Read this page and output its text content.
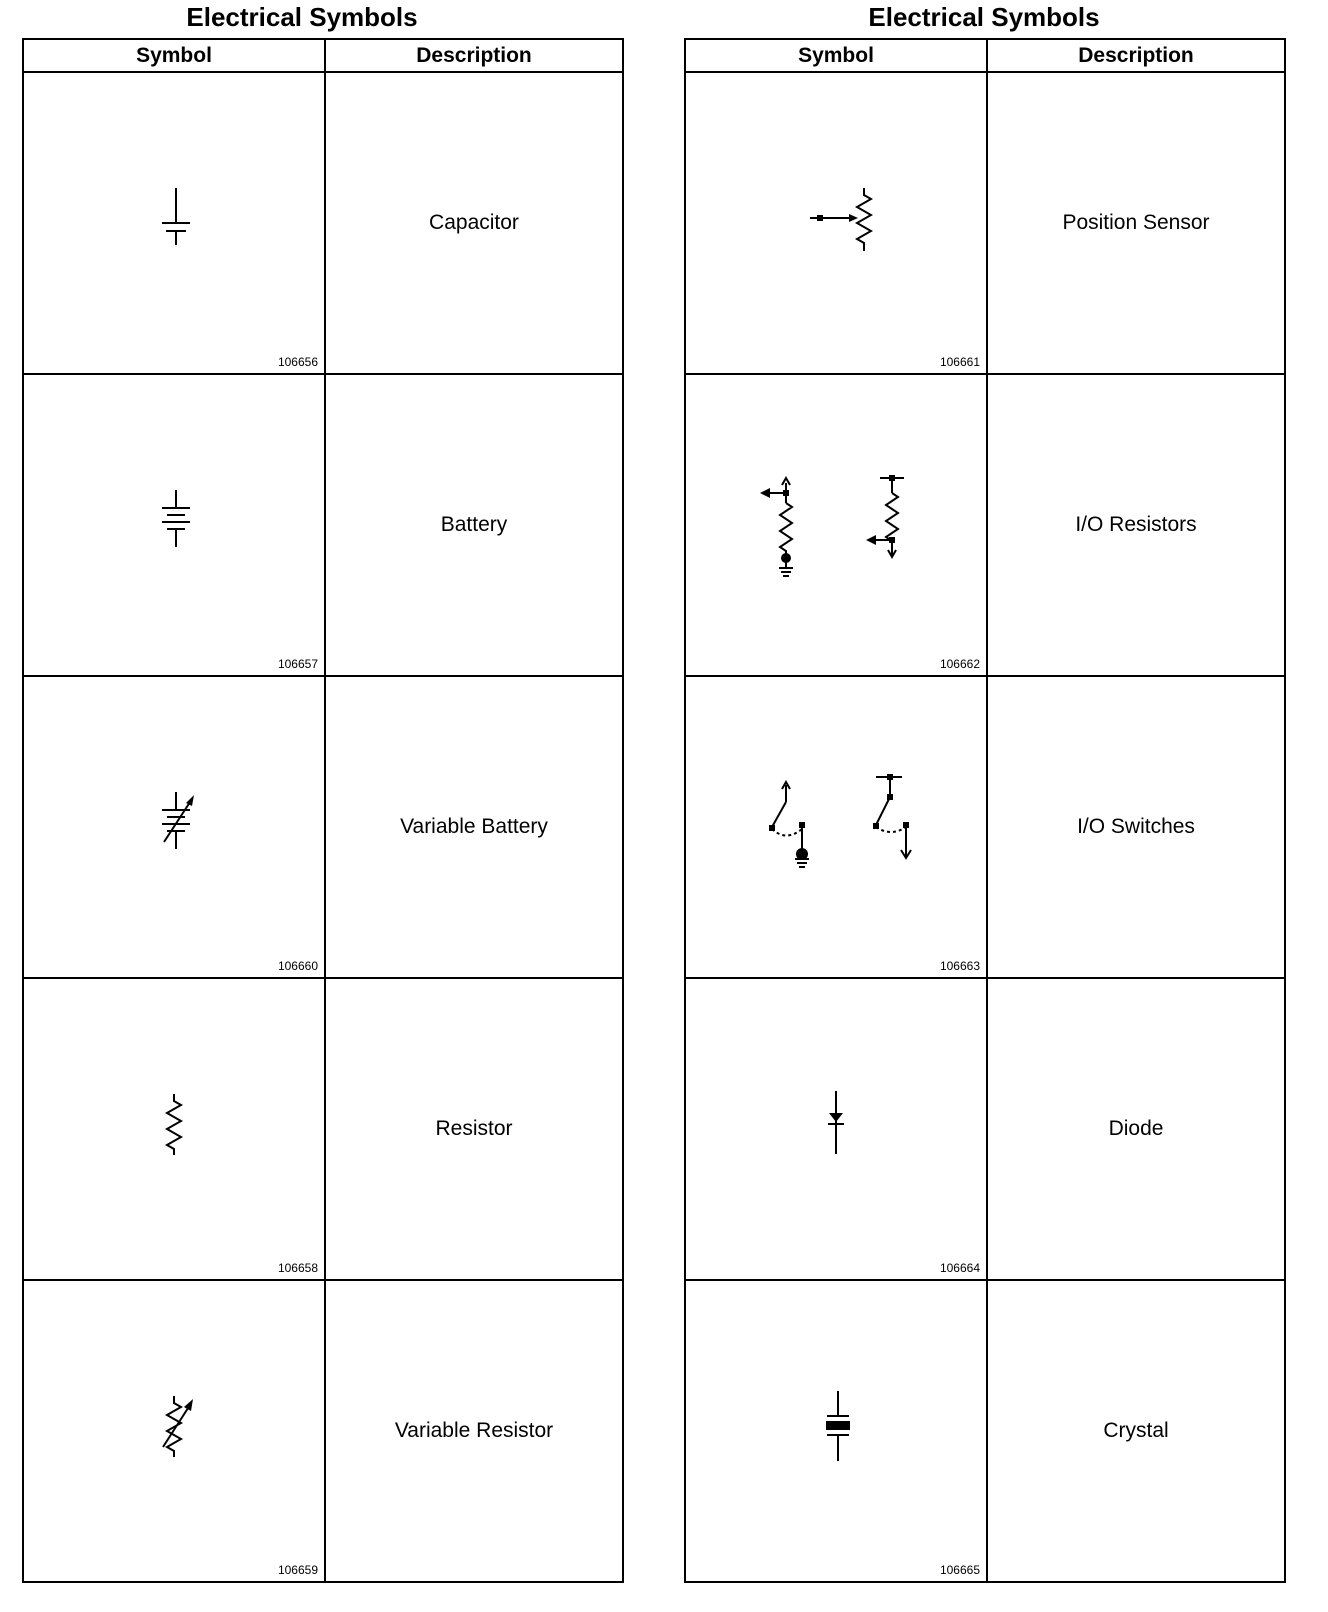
Electrical Symbols
Symbol	Description

106656	Capacitor

106657	Battery

106660	Variable Battery

106658	Resistor

106659	Variable Resistor
Electrical Symbols
Symbol	Description

106661	Position Sensor

106662	I/O Resistors

106663	I/O Switches

106664	Diode

106665	Crystal
